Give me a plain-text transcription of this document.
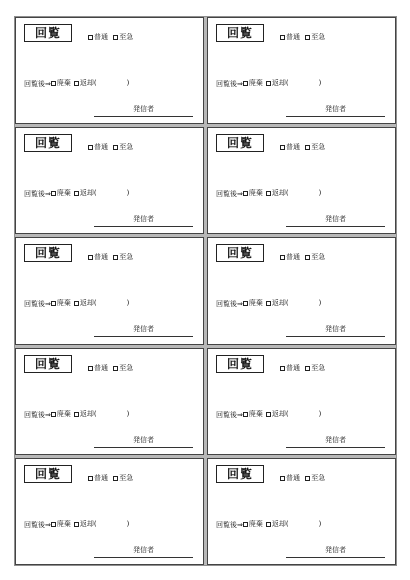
回覧	普通
至急
回覧後⇒ 廃棄 返却(	)
発信者
回覧	普通
至急
回覧後⇒ 廃棄 返却(	)
発信者
回覧	普通
至急
回覧後⇒ 廃棄 返却(	)
発信者
回覧	普通
至急
回覧後⇒ 廃棄 返却(	)
発信者
回覧	普通
至急
回覧後⇒ 廃棄 返却(	)
発信者
回覧	普通
至急
回覧後⇒ 廃棄 返却(	)
発信者
回覧	普通
至急
回覧後⇒ 廃棄 返却(	)
発信者
回覧	普通
至急
回覧後⇒ 廃棄 返却(	)
発信者
回覧	普通
至急
回覧後⇒ 廃棄 返却(	)
発信者
回覧	普通
至急
回覧後⇒ 廃棄 返却(	)
発信者
